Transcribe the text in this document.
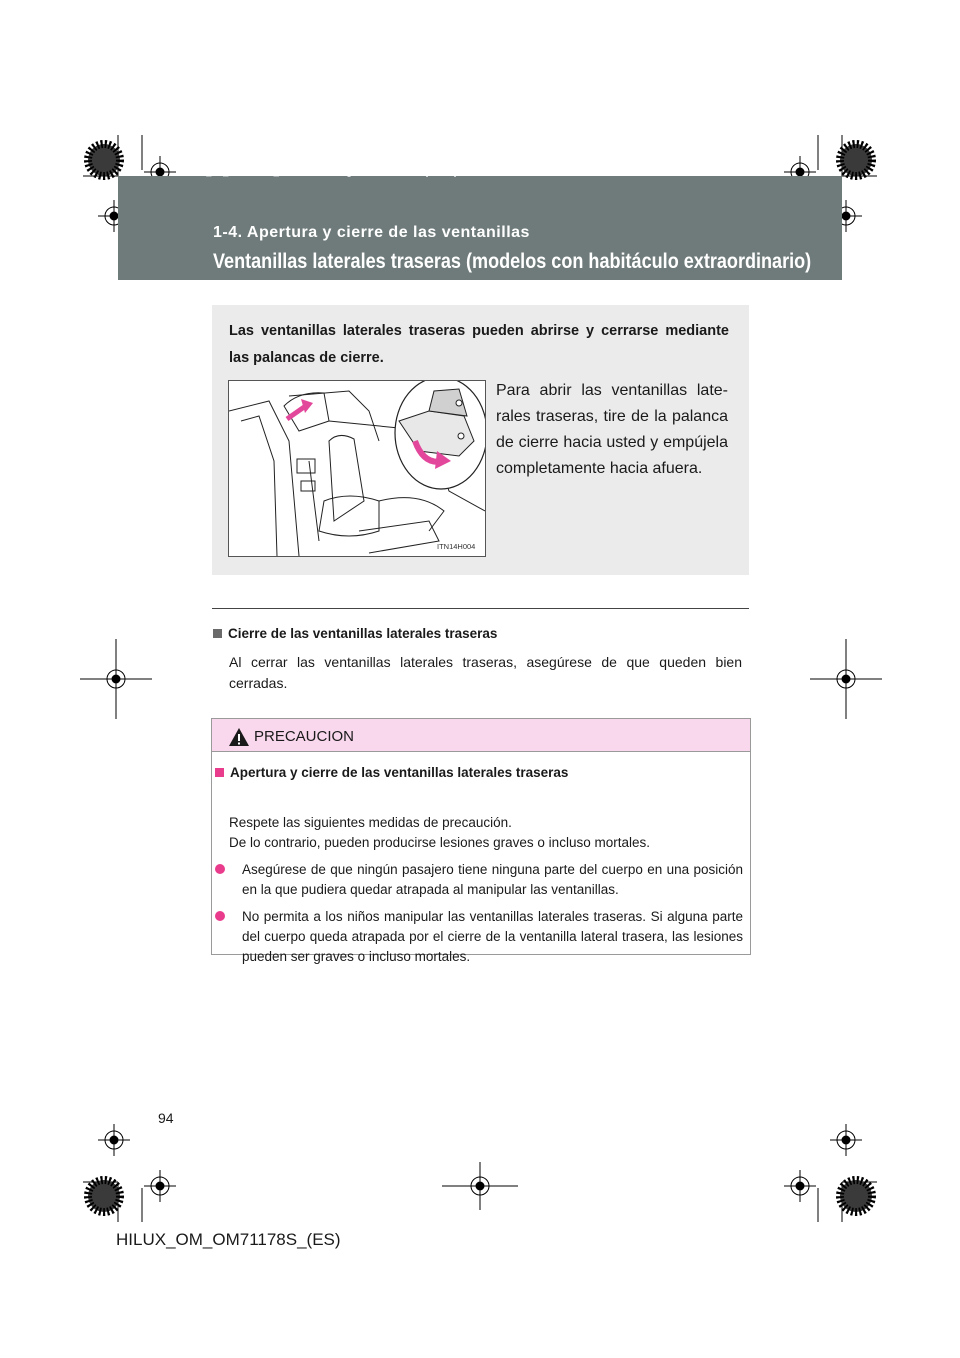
HILUX_OM_OM71178S_(ES).book Page 94 Wednesday, May 16, 2012 3:09 PM
1-4. Apertura y cierre de las ventanillas
Ventanillas laterales traseras (modelos con habitáculo extraordinario)
Las ventanillas laterales traseras pueden abrirse y cerrarse mediante las palancas de cierre.
ITN14H004
Para abrir las ventanillas laterales traseras, tire de la palanca de cierre hacia usted y empújela completamente hacia afuera.
Cierre de las ventanillas laterales traseras
Al cerrar las ventanillas laterales traseras, asegúrese de que queden bien cerradas.
PRECAUCION
Apertura y cierre de las ventanillas laterales traseras
Respete las siguientes medidas de precaución.
De lo contrario, pueden producirse lesiones graves o incluso mortales.
Asegúrese de que ningún pasajero tiene ninguna parte del cuerpo en una posición en la que pudiera quedar atrapada al manipular las ventanillas.
No permita a los niños manipular las ventanillas laterales traseras. Si alguna parte del cuerpo queda atrapada por el cierre de la ventanilla lateral trasera, las lesiones pueden ser graves o incluso mortales.
94
HILUX_OM_OM71178S_(ES)
